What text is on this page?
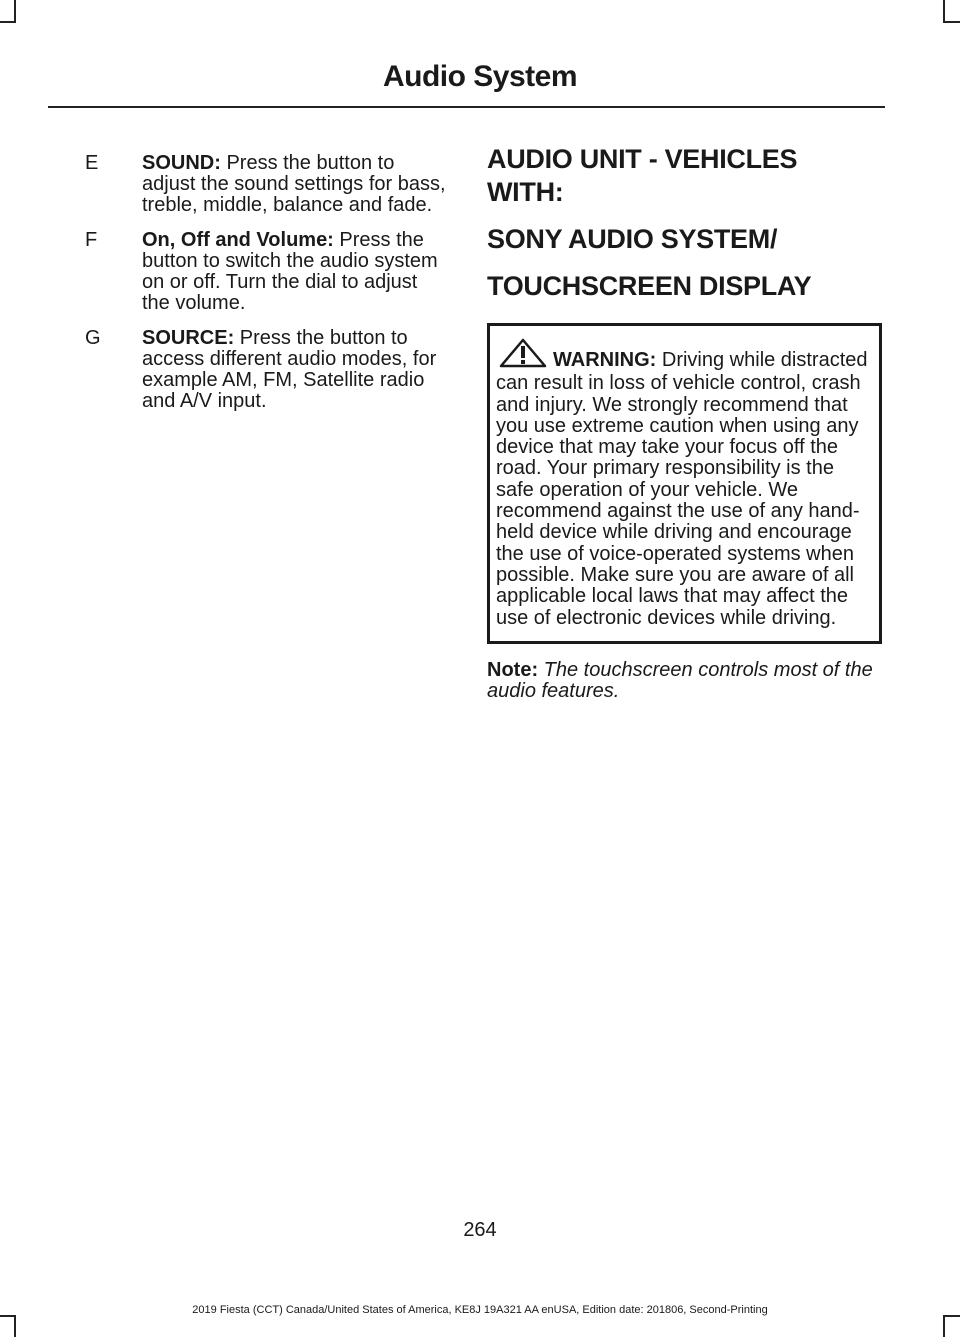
Audio System
E	SOUND: Press the button to adjust the sound settings for bass, treble, middle, balance and fade.
F	On, Off and Volume: Press the button to switch the audio system on or off. Turn the dial to adjust the volume.
G	SOURCE: Press the button to access different audio modes, for example AM, FM, Satellite radio and A/V input.
AUDIO UNIT - VEHICLES WITH:
SONY AUDIO SYSTEM/
TOUCHSCREEN DISPLAY
WARNING: Driving while distracted can result in loss of vehicle control, crash and injury. We strongly recommend that you use extreme caution when using any device that may take your focus off the road. Your primary responsibility is the safe operation of your vehicle. We recommend against the use of any hand-held device while driving and encourage the use of voice-operated systems when possible. Make sure you are aware of all applicable local laws that may affect the use of electronic devices while driving.
Note: The touchscreen controls most of the audio features.
264
2019 Fiesta (CCT) Canada/United States of America, KE8J 19A321 AA enUSA, Edition date: 201806, Second-Printing
